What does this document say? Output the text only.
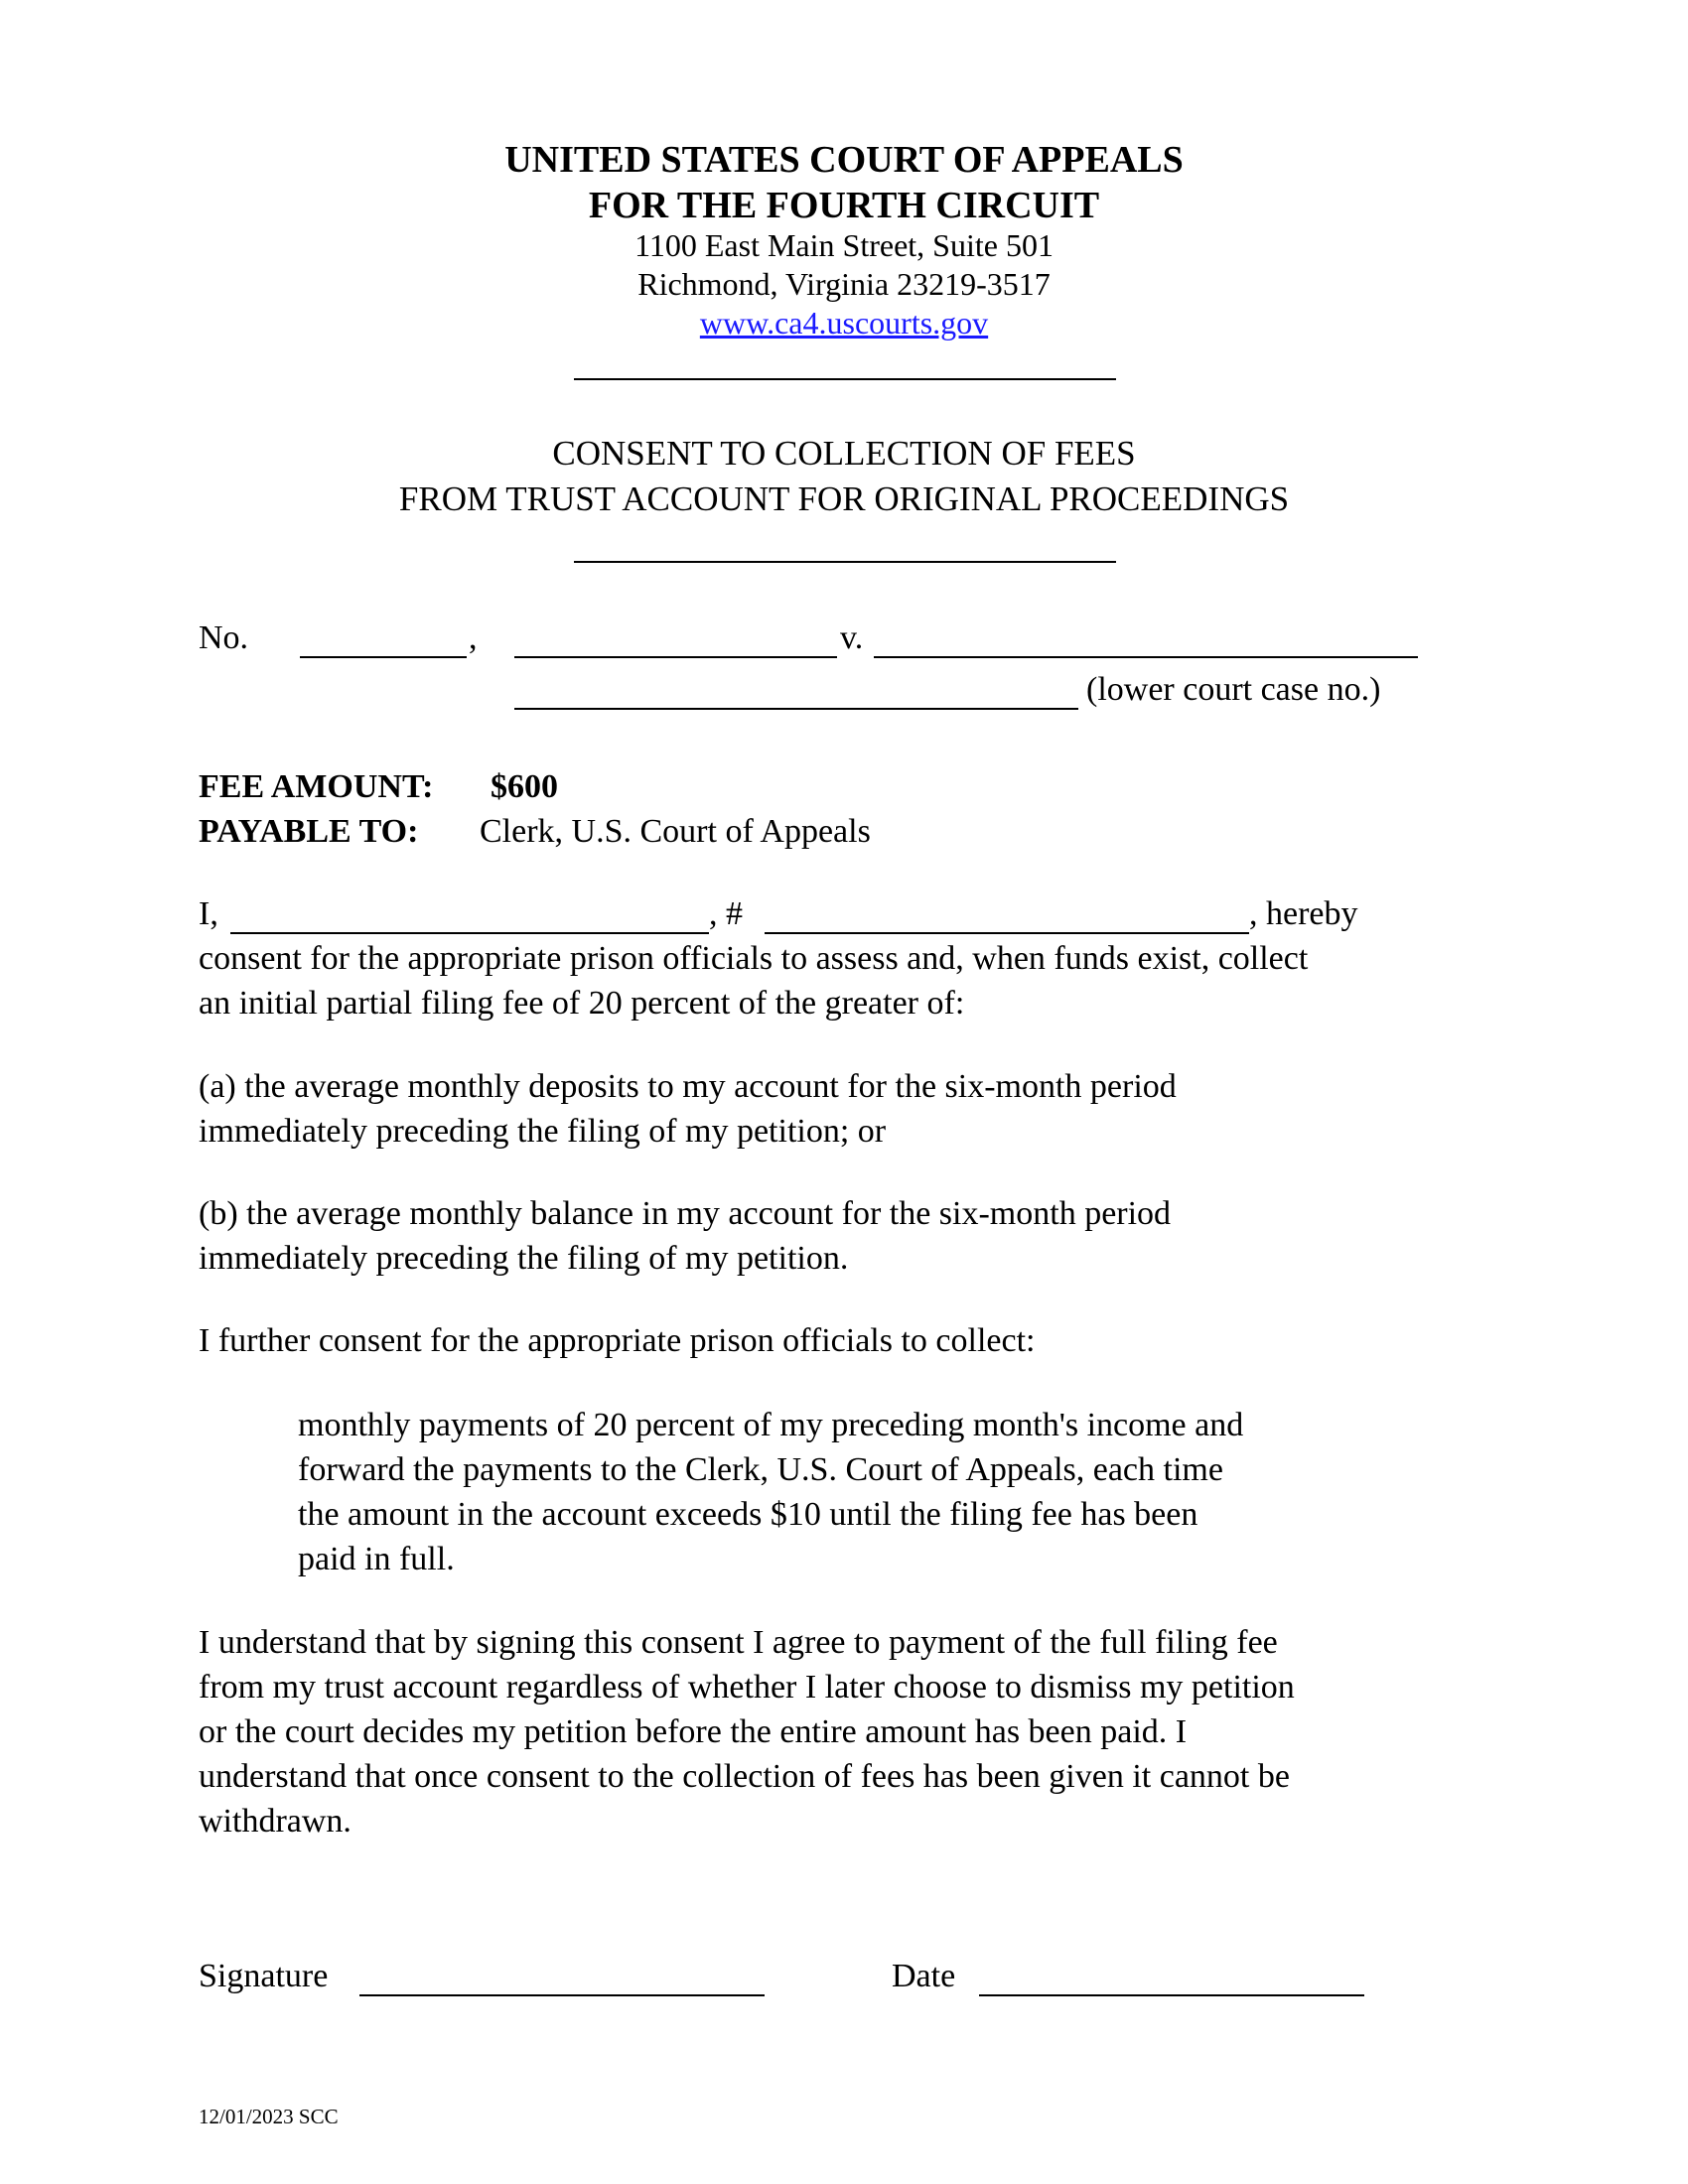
UNITED STATES COURT OF APPEALS
FOR THE FOURTH CIRCUIT
1100 East Main Street, Suite 501
Richmond, Virginia 23219-3517
www.ca4.uscourts.gov
CONSENT TO COLLECTION OF FEES
FROM TRUST ACCOUNT FOR ORIGINAL PROCEEDINGS
No.	,	v.
(lower court case no.)
FEE AMOUNT: $600
PAYABLE TO: Clerk, U.S. Court of Appeals
I,	, #	, hereby
consent for the appropriate prison officials to assess and, when funds exist, collect
an initial partial filing fee of 20 percent of the greater of:
(a) the average monthly deposits to my account for the six-month period
immediately preceding the filing of my petition; or
(b) the average monthly balance in my account for the six-month period
immediately preceding the filing of my petition.
I further consent for the appropriate prison officials to collect:
monthly payments of 20 percent of my preceding month's income and
forward the payments to the Clerk, U.S. Court of Appeals, each time
the amount in the account exceeds $10 until the filing fee has been
paid in full.
I understand that by signing this consent I agree to payment of the full filing fee
from my trust account regardless of whether I later choose to dismiss my petition
or the court decides my petition before the entire amount has been paid. I
understand that once consent to the collection of fees has been given it cannot be
withdrawn.
Signature	Date
12/01/2023 SCC
